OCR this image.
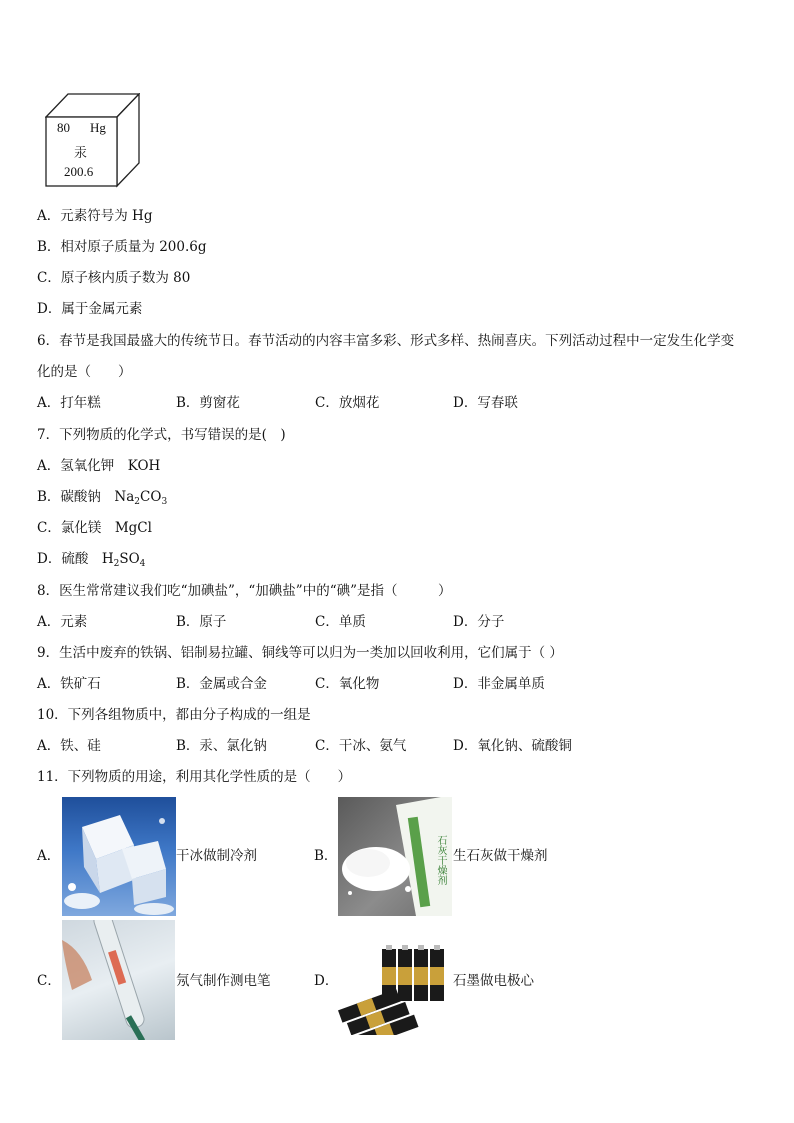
80 Hg
汞
200.6
A．元素符号为 Hg
B．相对原子质量为 200.6g
C．原子核内质子数为 80
D．属于金属元素
6．春节是我国最盛大的传统节日。春节活动的内容丰富多彩、形式多样、热闹喜庆。下列活动过程中一定发生化学变
化的是（　　）
A．打年糕	B．剪窗花	C．放烟花	D．写春联
7．下列物质的化学式，书写错误的是(　)
A．氢氧化钾　KOH
B．碳酸钠　$Na_2CO_3$
C．氯化镁　MgCl
D．硫酸　$H_2SO_4$
8．医生常常建议我们吃“加碘盐”，“加碘盐”中的“碘”是指（　　　）
A．元素	B．原子	C．单质	D．分子
9．生活中废弃的铁锅、铝制易拉罐、铜线等可以归为一类加以回收利用，它们属于（ ）
A．铁矿石	B．金属或合金	C．氧化物	D．非金属单质
10．下列各组物质中，都由分子构成的一组是
A．铁、硅	B．汞、氯化钠	C．干冰、氨气	D．氧化钠、硫酸铜
11．下列物质的用途，利用其化学性质的是（　　）
A．	干冰做制冷剂	B．	石灰干燥剂 生石灰做干燥剂
C．	氖气制作测电笔	D．	石墨做电极心
